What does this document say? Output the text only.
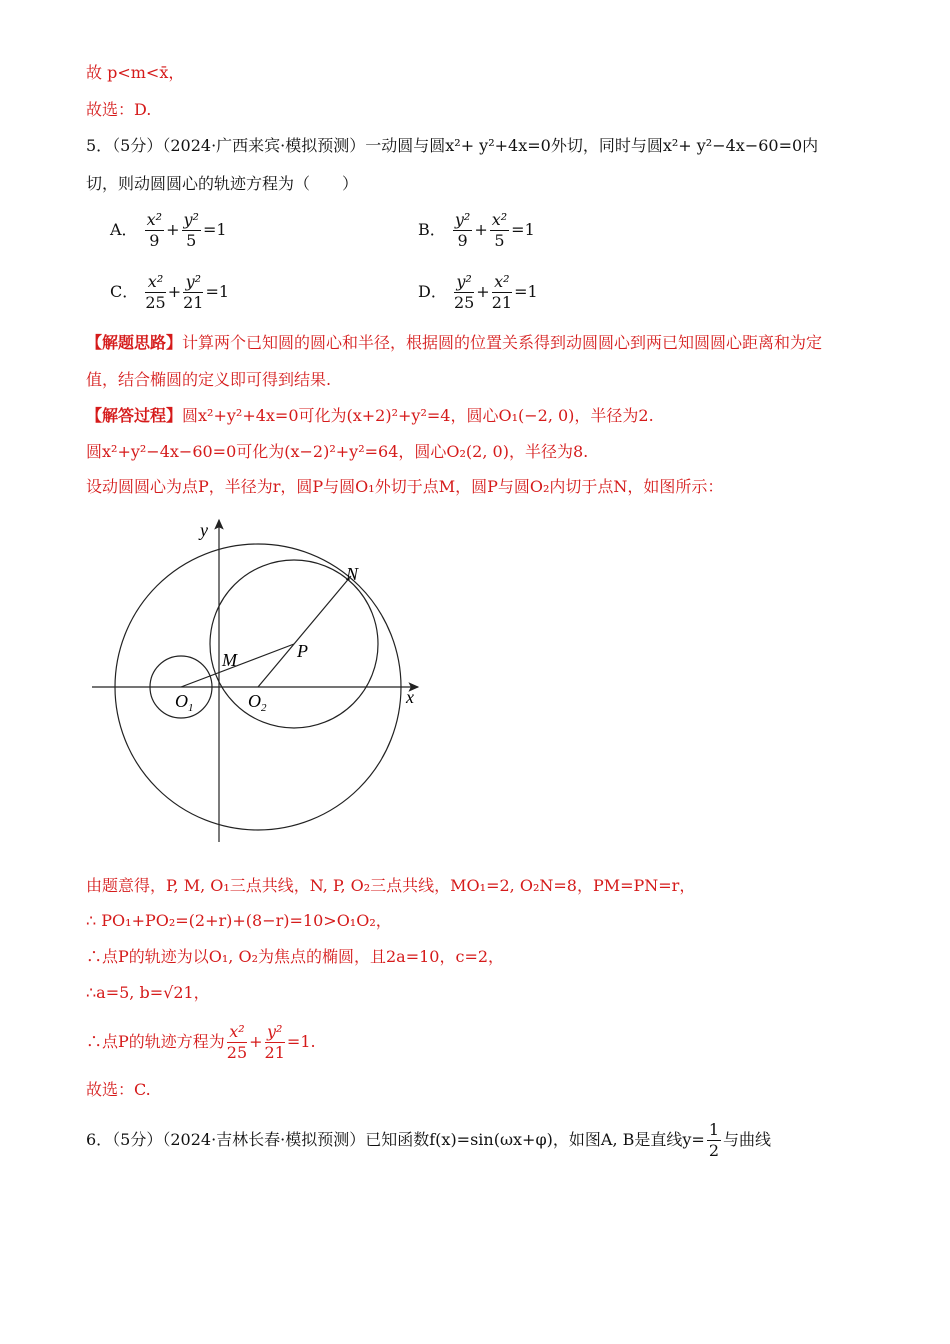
故 p<m<x̄，
故选：D.
5．（5分）（2024·广西来宾·模拟预测）一动圆与圆x²+ y²+4x=0外切，同时与圆x²+ y²−4x−60=0内
切，则动圆圆心的轨迹方程为（　　）
A． $\frac{\text{x²}}{9} + \frac{\text{y²}}{5} =1$	B． $\frac{\text{y²}}{9} + \frac{\text{x²}}{5} =1$
C． $\frac{\text{x²}}{25} + \frac{\text{y²}}{21} =1$	D． $\frac{\text{y²}}{25} + \frac{\text{x²}}{21} =1$
【解题思路】计算两个已知圆的圆心和半径，根据圆的位置关系得到动圆圆心到两已知圆圆心距离和为定
值，结合椭圆的定义即可得到结果.
【解答过程】圆x²+y²+4x=0可化为(x+2)²+y²=4，圆心O₁(−2, 0)，半径为2.
圆x²+y²−4x−60=0可化为(x−2)²+y²=64，圆心O₂(2, 0)，半径为8.
设动圆圆心为点P，半径为r，圆P与圆O₁外切于点M，圆P与圆O₂内切于点N，如图所示：
y
x
N
M	P
$O_1$	$O_2$
由题意得，P, M, O₁三点共线，N, P, O₂三点共线，MO₁=2, O₂N=8，PM=PN=r，
∴ PO₁+PO₂=(2+r)+(8−r)=10>O₁O₂，
∴点P的轨迹为以O₁, O₂为焦点的椭圆，且2a=10，c=2，
∴a=5, b=√21，
∴点P的轨迹方程为 $\frac{\text{x²}}{25} + \frac{\text{y²}}{21} =1$.
故选：C.
6．（5分）（2024·吉林长春·模拟预测）已知函数f(x)=sin(ωx+φ)，如图A, B是直线$y= \frac{1}{2}$ 与曲线
